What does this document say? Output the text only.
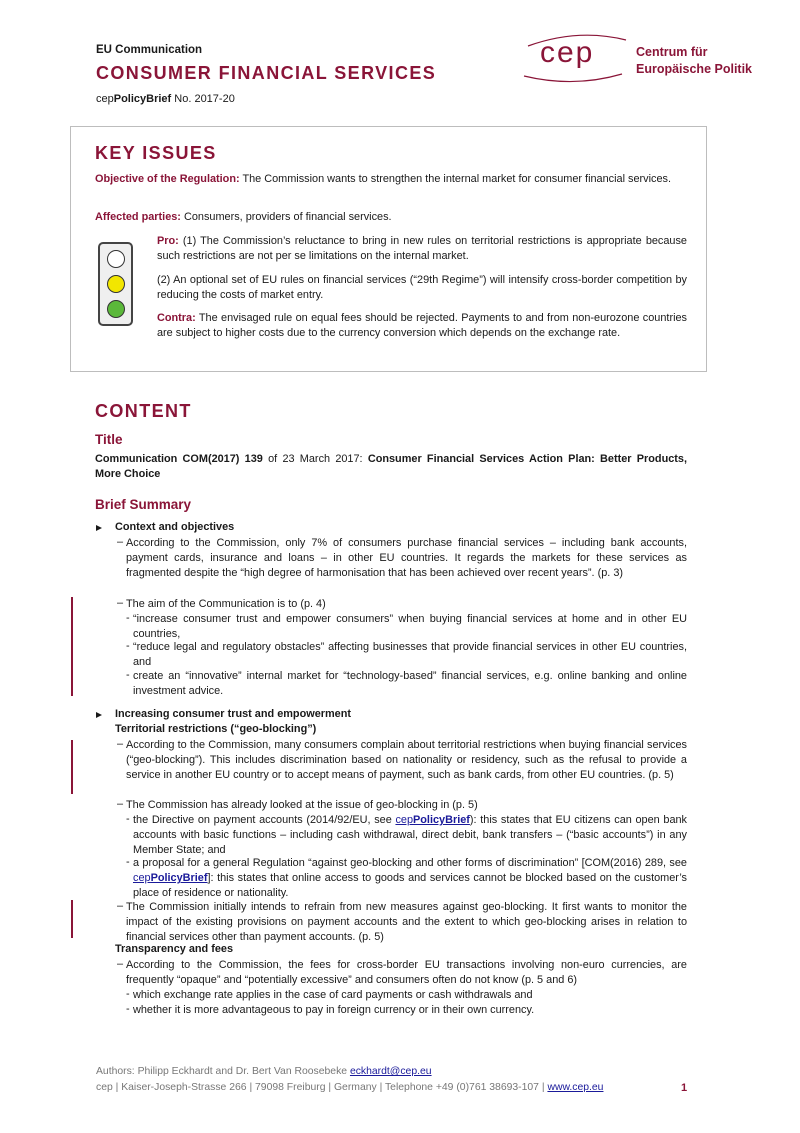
EU Communication
CONSUMER FINANCIAL SERVICES
cepPolicyBrief No. 2017-20
cep	Centrum für
Europäische Politik
KEY ISSUES
Objective of the Regulation: The Commission wants to strengthen the internal market for consumer financial services.
Affected parties: Consumers, providers of financial services.
Pro: (1) The Commission’s reluctance to bring in new rules on territorial restrictions is appropriate because such restrictions are not per se limitations on the internal market.
(2) An optional set of EU rules on financial services (“29th Regime”) will intensify cross-border competition by reducing the costs of market entry.
Contra: The envisaged rule on equal fees should be rejected. Payments to and from non-eurozone countries are subject to higher costs due to the currency conversion which depends on the exchange rate.
CONTENT
Title
Communication COM(2017) 139 of 23 March 2017: Consumer Financial Services Action Plan: Better Products, More Choice
Brief Summary
Context and objectives
– According to the Commission, only 7% of consumers purchase financial services – including bank accounts, payment cards, insurance and loans – in other EU countries. It regards the markets for these services as fragmented despite the “high degree of harmonisation that has been achieved over recent years”. (p. 3)
– The aim of the Communication is to (p. 4)
- “increase consumer trust and empower consumers” when buying financial services at home and in other EU countries,
- “reduce legal and regulatory obstacles” affecting businesses that provide financial services in other EU countries, and
- create an “innovative” internal market for “technology-based” financial services, e.g. online banking and online investment advice.
Increasing consumer trust and empowerment
Territorial restrictions (“geo-blocking”)
– According to the Commission, many consumers complain about territorial restrictions when buying financial services (“geo-blocking”). This includes discrimination based on nationality or residency, such as the refusal to provide a service in another EU country or to accept means of payment, such as bank cards, from other EU countries. (p. 5)
– The Commission has already looked at the issue of geo-blocking in (p. 5)
- the Directive on payment accounts (2014/92/EU, see cepPolicyBrief): this states that EU citizens can open bank accounts with basic functions – including cash withdrawal, direct debit, bank transfers – (“basic accounts”) in any Member State; and
- a proposal for a general Regulation “against geo-blocking and other forms of discrimination” [COM(2016) 289, see cepPolicyBrief]: this states that online access to goods and services cannot be blocked based on the customer’s place of residence or nationality.
– The Commission initially intends to refrain from new measures against geo-blocking. It first wants to monitor the impact of the existing provisions on payment accounts and the extent to which geo-blocking arises in relation to financial services other than payment accounts. (p. 5)
Transparency and fees
– According to the Commission, the fees for cross-border EU transactions involving non-euro currencies, are frequently “opaque” and “potentially excessive” and consumers often do not know (p. 5 and 6)
- which exchange rate applies in the case of card payments or cash withdrawals and
- whether it is more advantageous to pay in foreign currency or in their own currency.
Authors: Philipp Eckhardt and Dr. Bert Van Roosebeke eckhardt@cep.eu
cep | Kaiser-Joseph-Strasse 266 | 79098 Freiburg | Germany | Telephone +49 (0)761 38693-107 | www.cep.eu	1
